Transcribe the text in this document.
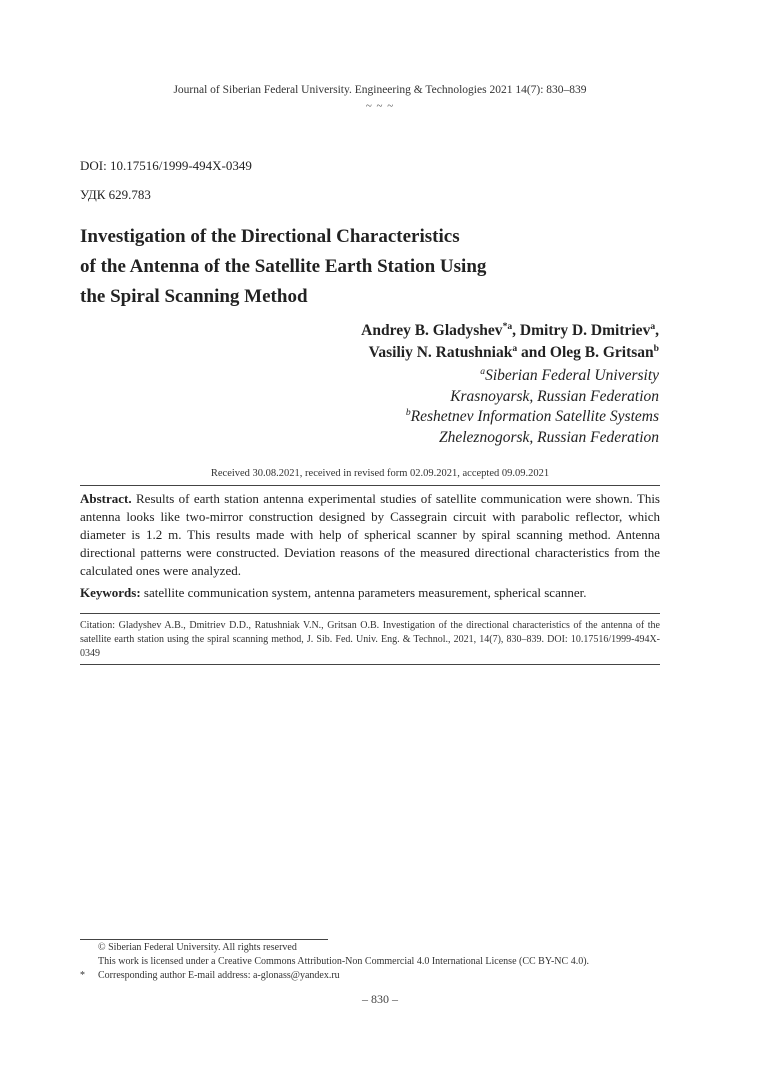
Journal of Siberian Federal University. Engineering & Technologies 2021 14(7): 830–839
~ ~ ~
DOI: 10.17516/1999-494X-0349
УДК 629.783
Investigation of the Directional Characteristics
of the Antenna of the Satellite Earth Station Using
the Spiral Scanning Method
Andrey B. Gladyshev$^{*a}$, Dmitry D. Dmitriev$^a$,
Vasiliy N. Ratushniak$^a$ and Oleg B. Gritsan$^b$
$^a$Siberian Federal University
Krasnoyarsk, Russian Federation
$^b$Reshetnev Information Satellite Systems
Zheleznogorsk, Russian Federation
Received 30.08.2021, received in revised form 02.09.2021, accepted 09.09.2021
Abstract. Results of earth station antenna experimental studies of satellite communication were shown. This antenna looks like two-mirror construction designed by Cassegrain circuit with parabolic reflector, which diameter is 1.2 m. This results made with help of spherical scanner by spiral scanning method. Antenna directional patterns were constructed. Deviation reasons of the measured directional characteristics from the calculated ones were analyzed.
Keywords: satellite communication system, antenna parameters measurement, spherical scanner.
Citation: Gladyshev A.B., Dmitriev D.D., Ratushniak V.N., Gritsan O.B. Investigation of the directional characteristics of the antenna of the satellite earth station using the spiral scanning method, J. Sib. Fed. Univ. Eng. & Technol., 2021, 14(7), 830–839. DOI: 10.17516/1999-494X-0349
© Siberian Federal University. All rights reserved
This work is licensed under a Creative Commons Attribution-Non Commercial 4.0 International License (CC BY-NC 4.0).
* Corresponding author E-mail address: a-glonass@yandex.ru
– 830 –
